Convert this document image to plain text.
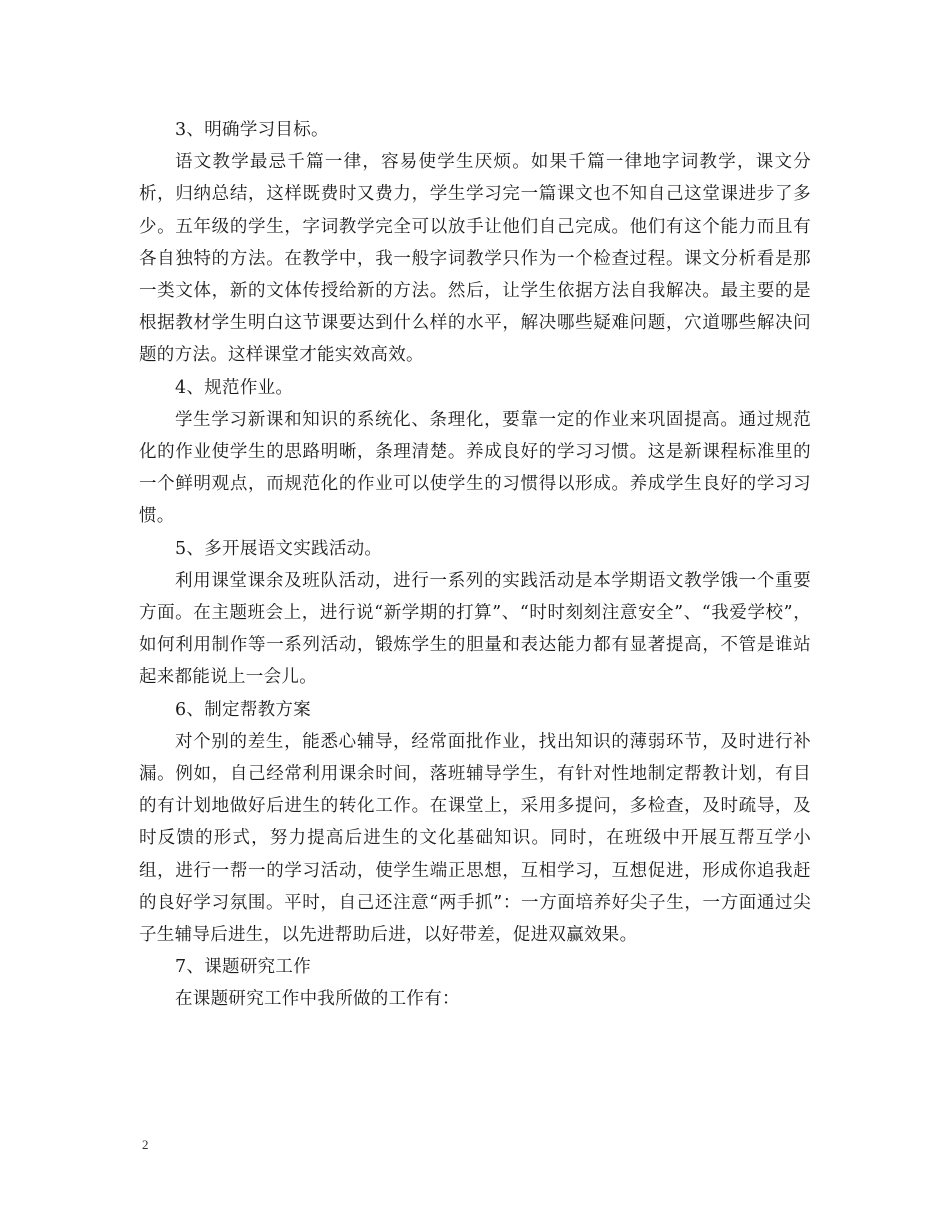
3、明确学习目标。

语文教学最忌千篇一律，容易使学生厌烦。如果千篇一律地字词教学，课文分析，归纳总结，这样既费时又费力，学生学习完一篇课文也不知自己这堂课进步了多少。五年级的学生，字词教学完全可以放手让他们自己完成。他们有这个能力而且有各自独特的方法。在教学中，我一般字词教学只作为一个检查过程。课文分析看是那一类文体，新的文体传授给新的方法。然后，让学生依据方法自我解决。最主要的是根据教材学生明白这节课要达到什么样的水平，解决哪些疑难问题，穴道哪些解决问题的方法。这样课堂才能实效高效。

4、规范作业。

学生学习新课和知识的系统化、条理化，要靠一定的作业来巩固提高。通过规范化的作业使学生的思路明晰，条理清楚。养成良好的学习习惯。这是新课程标准里的一个鲜明观点，而规范化的作业可以使学生的习惯得以形成。养成学生良好的学习习惯。

5、多开展语文实践活动。

利用课堂课余及班队活动，进行一系列的实践活动是本学期语文教学饿一个重要方面。在主题班会上，进行说“新学期的打算”、“时时刻刻注意安全”、“我爱学校”，如何利用制作等一系列活动，锻炼学生的胆量和表达能力都有显著提高，不管是谁站起来都能说上一会儿。

6、制定帮教方案

对个别的差生，能悉心辅导，经常面批作业，找出知识的薄弱环节，及时进行补漏。例如，自己经常利用课余时间，落班辅导学生，有针对性地制定帮教计划，有目的有计划地做好后进生的转化工作。在课堂上，采用多提问，多检查，及时疏导，及时反馈的形式，努力提高后进生的文化基础知识。同时，在班级中开展互帮互学小组，进行一帮一的学习活动，使学生端正思想，互相学习，互想促进，形成你追我赶的良好学习氛围。平时，自己还注意“两手抓”：一方面培养好尖子生，一方面通过尖子生辅导后进生，以先进帮助后进，以好带差，促进双赢效果。

7、课题研究工作

在课题研究工作中我所做的工作有：

2
